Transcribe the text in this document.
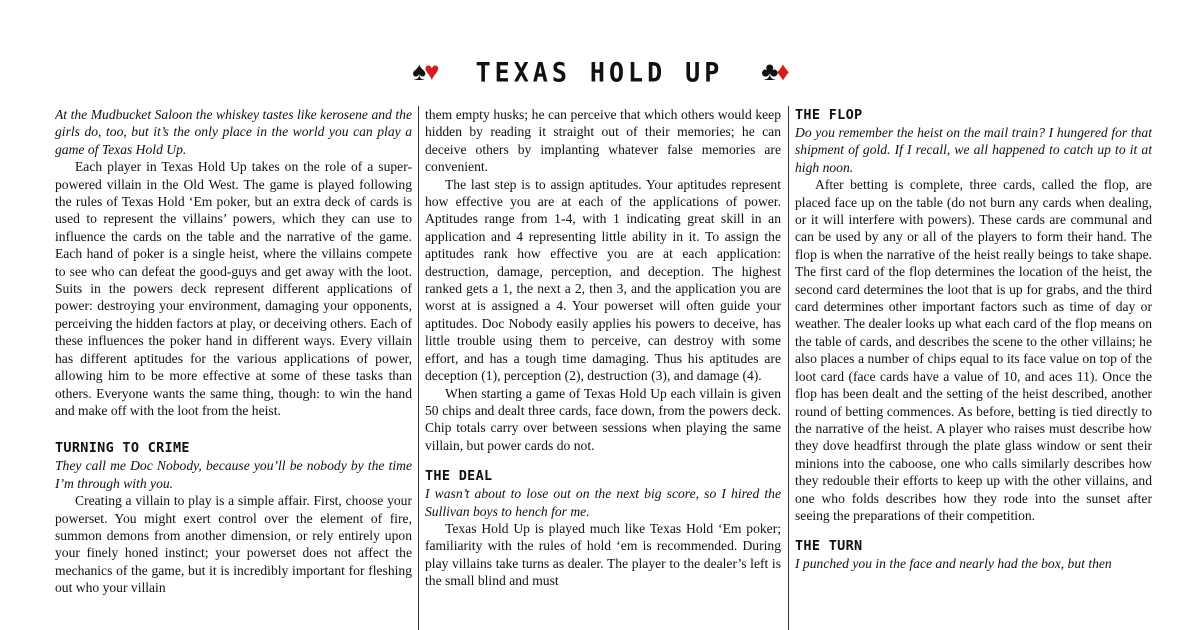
♠♥ TEXAS HOLD UP ♣♦

At the Mudbucket Saloon the whiskey tastes like kerosene and the girls do, too, but it’s the only place in the world you can play a game of Texas Hold Up.

Each player in Texas Hold Up takes on the role of a super-powered villain in the Old West. The game is played following the rules of Texas Hold ‘Em poker, but an extra deck of cards is used to represent the villains’ powers, which they can use to influence the cards on the table and the narrative of the game. Each hand of poker is a single heist, where the villains compete to see who can defeat the good-guys and get away with the loot. Suits in the powers deck represent different applications of power: destroying your environment, damaging your opponents, perceiving the hidden factors at play, or deceiving others. Each of these influences the poker hand in different ways. Every villain has different aptitudes for the various applications of power, allowing him to be more effective at some of these tasks than others. Everyone wants the same thing, though: to win the hand and make off with the loot from the heist.

TURNING TO CRIME

They call me Doc Nobody, because you’ll be nobody by the time I’m through with you.

Creating a villain to play is a simple affair. First, choose your powerset. You might exert control over the element of fire, summon demons from another dimension, or rely entirely upon your finely honed instinct; your powerset does not affect the mechanics of the game, but it is incredibly important for fleshing out who your villain

them empty husks; he can perceive that which others would keep hidden by reading it straight out of their memories; he can deceive others by implanting whatever false memories are convenient.

The last step is to assign aptitudes. Your aptitudes represent how effective you are at each of the applications of power. Aptitudes range from 1-4, with 1 indicating great skill in an application and 4 representing little ability in it. To assign the aptitudes rank how effective you are at each application: destruction, damage, perception, and deception. The highest ranked gets a 1, the next a 2, then 3, and the application you are worst at is assigned a 4. Your powerset will often guide your aptitudes. Doc Nobody easily applies his powers to deceive, has little trouble using them to perceive, can destroy with some effort, and has a tough time damaging. Thus his aptitudes are deception (1), perception (2), destruction (3), and damage (4).

When starting a game of Texas Hold Up each villain is given 50 chips and dealt three cards, face down, from the powers deck. Chip totals carry over between sessions when playing the same villain, but power cards do not.

THE DEAL

I wasn’t about to lose out on the next big score, so I hired the Sullivan boys to hench for me.

Texas Hold Up is played much like Texas Hold ‘Em poker; familiarity with the rules of hold ‘em is recommended. During play villains take turns as dealer. The player to the dealer’s left is the small blind and must

THE FLOP

Do you remember the heist on the mail train? I hungered for that shipment of gold. If I recall, we all happened to catch up to it at high noon.

After betting is complete, three cards, called the flop, are placed face up on the table (do not burn any cards when dealing, or it will interfere with powers). These cards are communal and can be used by any or all of the players to form their hand. The flop is when the narrative of the heist really beings to take shape. The first card of the flop determines the location of the heist, the second card determines the loot that is up for grabs, and the third card determines other important factors such as time of day or weather. The dealer looks up what each card of the flop means on the table of cards, and describes the scene to the other villains; he also places a number of chips equal to its face value on top of the loot card (face cards have a value of 10, and aces 11). Once the flop has been dealt and the setting of the heist described, another round of betting commences. As before, betting is tied directly to the narrative of the heist. A player who raises must describe how they dove headfirst through the plate glass window or sent their minions into the caboose, one who calls similarly describes how they redouble their efforts to keep up with the other villains, and one who folds describes how they rode into the sunset after seeing the preparations of their competition.

THE TURN

I punched you in the face and nearly had the box, but then
